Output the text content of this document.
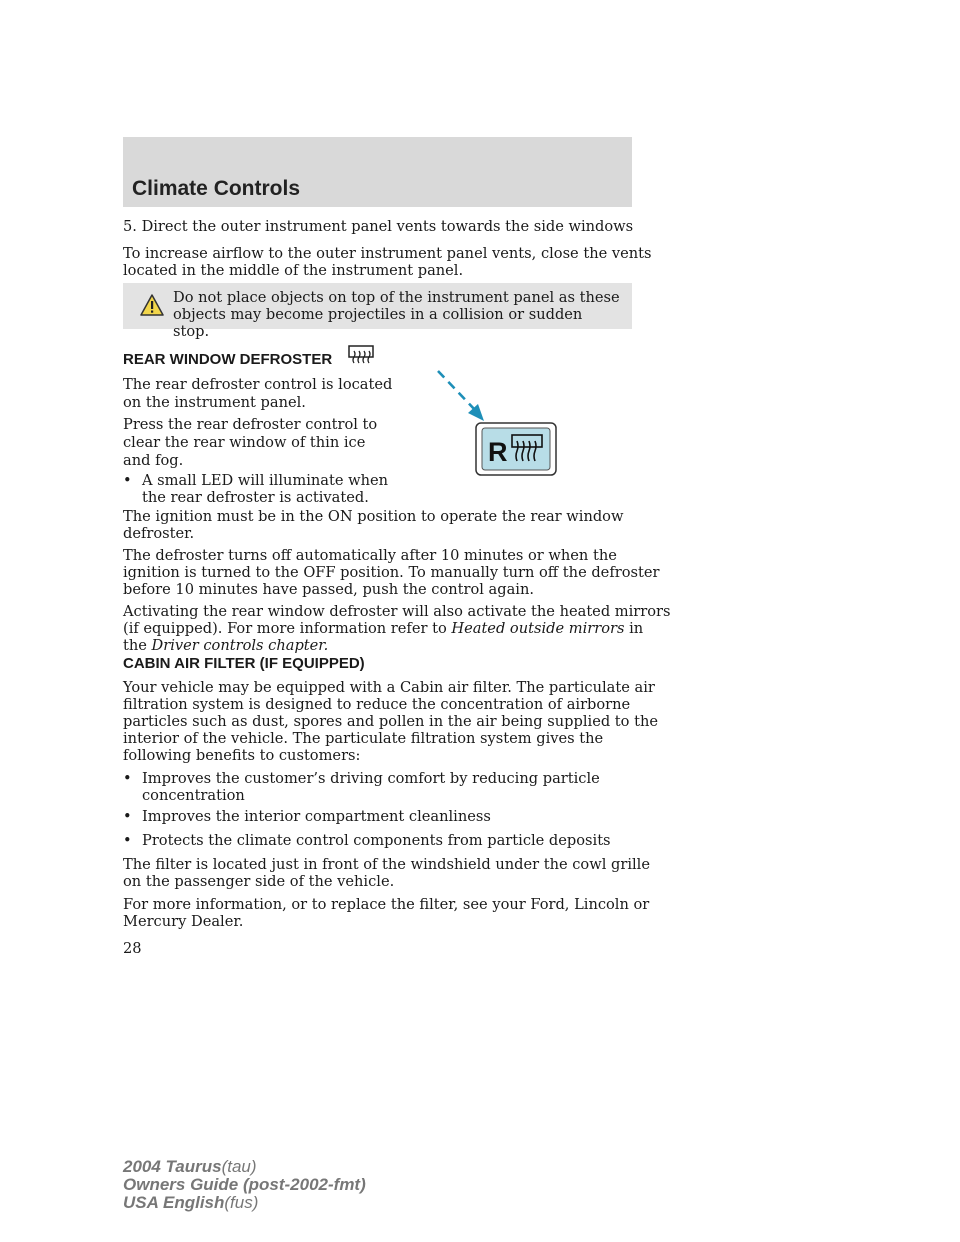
Climate Controls
5. Direct the outer instrument panel vents towards the side windows
To increase airflow to the outer instrument panel vents, close the vents
located in the middle of the instrument panel.
Do not place objects on top of the instrument panel as these
objects may become projectiles in a collision or sudden stop.
REAR WINDOW DEFROSTER
The rear defroster control is located
on the instrument panel.
Press the rear defroster control to
clear the rear window of thin ice
and fog.
• A small LED will illuminate when
the rear defroster is activated.
R
The ignition must be in the ON position to operate the rear window
defroster.
The defroster turns off automatically after 10 minutes or when the
ignition is turned to the OFF position. To manually turn off the defroster
before 10 minutes have passed, push the control again.
Activating the rear window defroster will also activate the heated mirrors
(if equipped). For more information refer to Heated outside mirrors in
the Driver controls chapter.
CABIN AIR FILTER (IF EQUIPPED)
Your vehicle may be equipped with a Cabin air filter. The particulate air
filtration system is designed to reduce the concentration of airborne
particles such as dust, spores and pollen in the air being supplied to the
interior of the vehicle. The particulate filtration system gives the
following benefits to customers:
• Improves the customer’s driving comfort by reducing particle
concentration
• Improves the interior compartment cleanliness
• Protects the climate control components from particle deposits
The filter is located just in front of the windshield under the cowl grille
on the passenger side of the vehicle.
For more information, or to replace the filter, see your Ford, Lincoln or
Mercury Dealer.
28
2004 Taurus(tau)
Owners Guide (post-2002-fmt)
USA English(fus)
